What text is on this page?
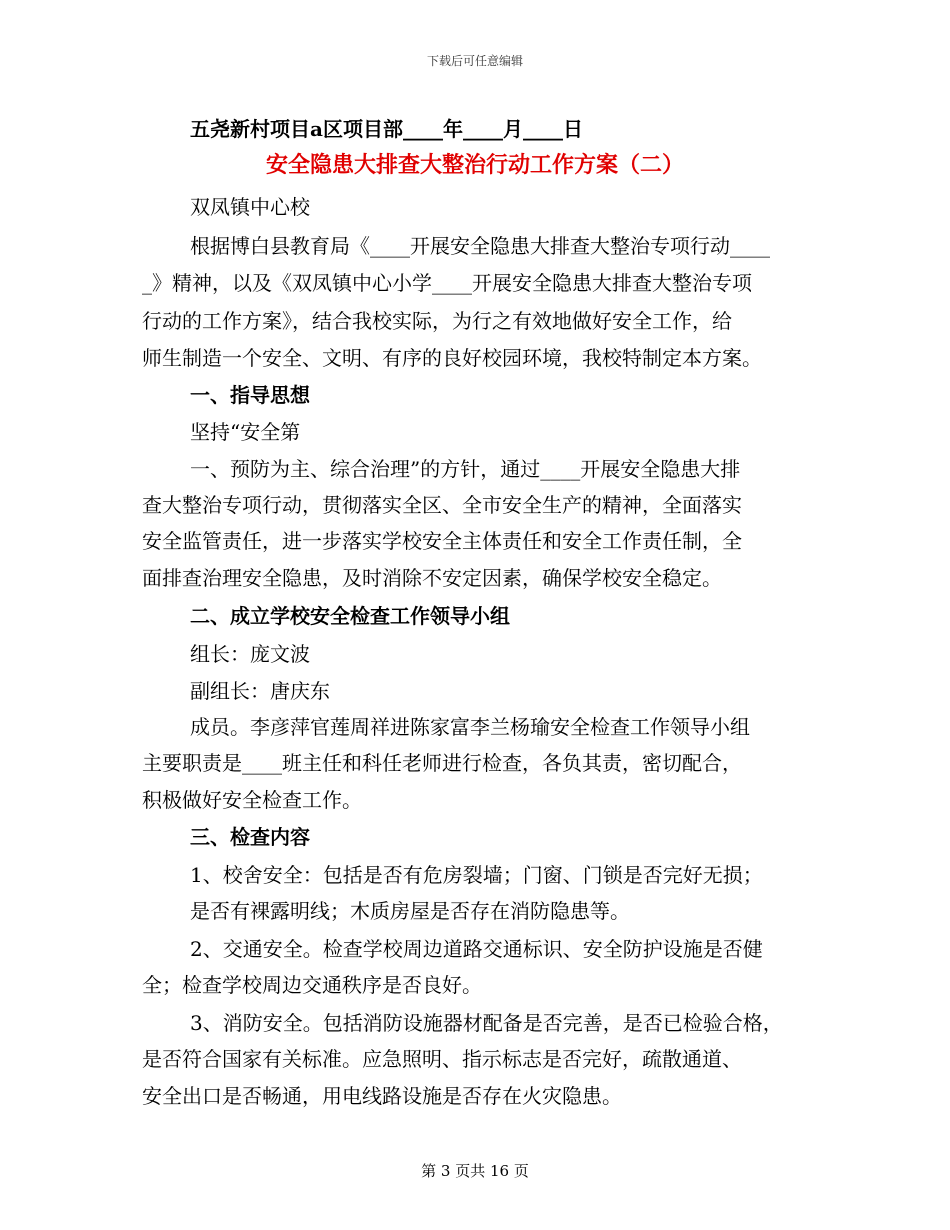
下载后可任意编辑
五尧新村项目a区项目部____年____月____日
安全隐患大排查大整治行动工作方案（二）
双凤镇中心校
根据博白县教育局《____开展安全隐患大排查大整治专项行动____
_》精神，以及《双凤镇中心小学____开展安全隐患大排查大整治专项
行动的工作方案》，结合我校实际，为行之有效地做好安全工作，给
师生制造一个安全、文明、有序的良好校园环境，我校特制定本方案。
一、指导思想
坚持“安全第
一、预防为主、综合治理”的方针，通过____开展安全隐患大排
查大整治专项行动，贯彻落实全区、全市安全生产的精神，全面落实
安全监管责任，进一步落实学校安全主体责任和安全工作责任制，全
面排查治理安全隐患，及时消除不安定因素，确保学校安全稳定。
二、成立学校安全检查工作领导小组
组长：庞文波
副组长：唐庆东
成员。李彦萍官莲周祥进陈家富李兰杨瑜安全检查工作领导小组
主要职责是____班主任和科任老师进行检查，各负其责，密切配合，
积极做好安全检查工作。
三、检查内容
1、校舍安全：包括是否有危房裂墙；门窗、门锁是否完好无损；
是否有裸露明线；木质房屋是否存在消防隐患等。
2、交通安全。检查学校周边道路交通标识、安全防护设施是否健
全；检查学校周边交通秩序是否良好。
3、消防安全。包括消防设施器材配备是否完善，是否已检验合格，
是否符合国家有关标准。应急照明、指示标志是否完好，疏散通道、
安全出口是否畅通，用电线路设施是否存在火灾隐患。
第 3 页共 16 页
